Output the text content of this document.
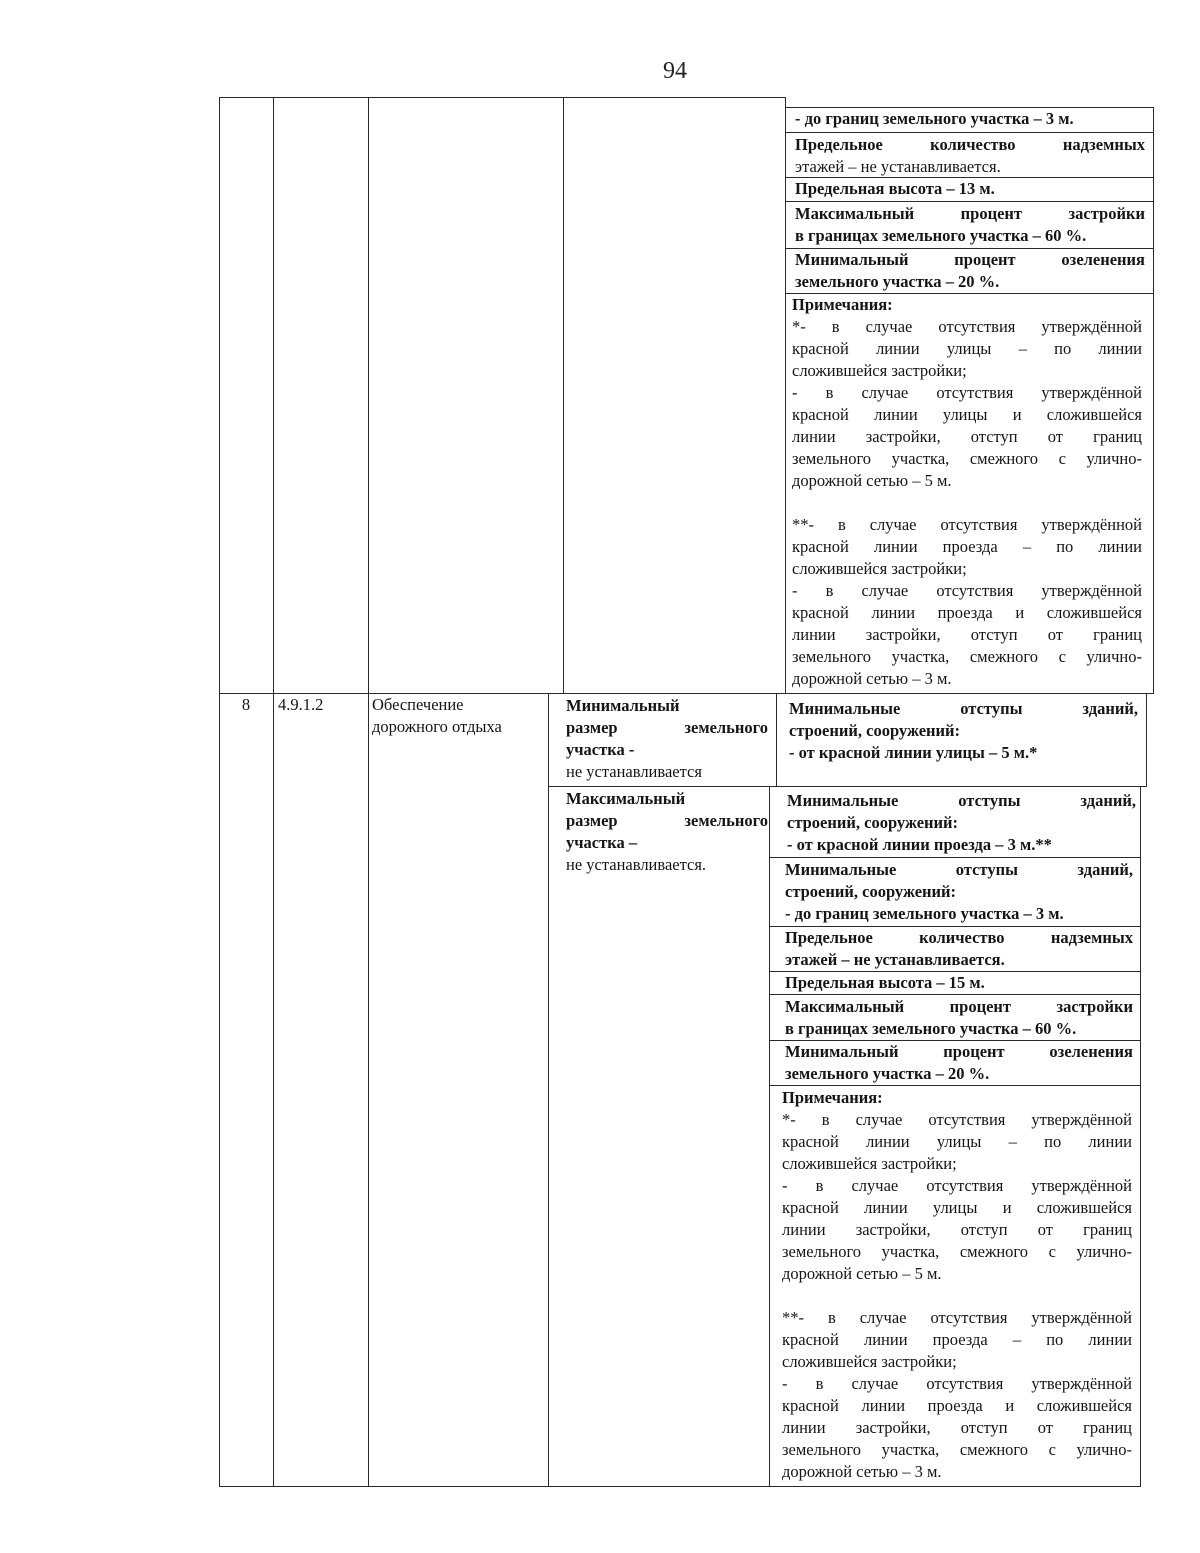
94
- до границ земельного участка – 3 м.
Предельное количество надземных
этажей – не устанавливается.
Предельная высота – 13 м.
Максимальный процент застройки
в границах земельного участка – 60 %.
Минимальный процент озеленения
земельного участка – 20 %.
Примечания:
*- в случае отсутствия утверждённой
красной линии улицы – по линии
сложившейся застройки;
- в случае отсутствия утверждённой
красной линии улицы и сложившейся
линии застройки, отступ от границ
земельного участка, смежного с улично-
дорожной сетью – 5 м.
**- в случае отсутствия утверждённой
красной линии проезда – по линии
сложившейся застройки;
- в случае отсутствия утверждённой
красной линии проезда и сложившейся
линии застройки, отступ от границ
земельного участка, смежного с улично-
дорожной сетью – 3 м.
8	4.9.1.2	Обеспечение
дорожного отдыха
Минимальный
размер земельного
участка -
не устанавливается
Максимальный
размер земельного
участка –
не устанавливается.
Минимальные отступы зданий,
строений, сооружений:
- от красной линии улицы – 5 м.*
Минимальные отступы зданий,
строений, сооружений:
- от красной линии проезда – 3 м.**
Минимальные отступы зданий,
строений, сооружений:
- до границ земельного участка – 3 м.
Предельное количество надземных
этажей – не устанавливается.
Предельная высота – 15 м.
Максимальный процент застройки
в границах земельного участка – 60 %.
Минимальный процент озеленения
земельного участка – 20 %.
Примечания:
*- в случае отсутствия утверждённой
красной линии улицы – по линии
сложившейся застройки;
- в случае отсутствия утверждённой
красной линии улицы и сложившейся
линии застройки, отступ от границ
земельного участка, смежного с улично-
дорожной сетью – 5 м.
**- в случае отсутствия утверждённой
красной линии проезда – по линии
сложившейся застройки;
- в случае отсутствия утверждённой
красной линии проезда и сложившейся
линии застройки, отступ от границ
земельного участка, смежного с улично-
дорожной сетью – 3 м.
